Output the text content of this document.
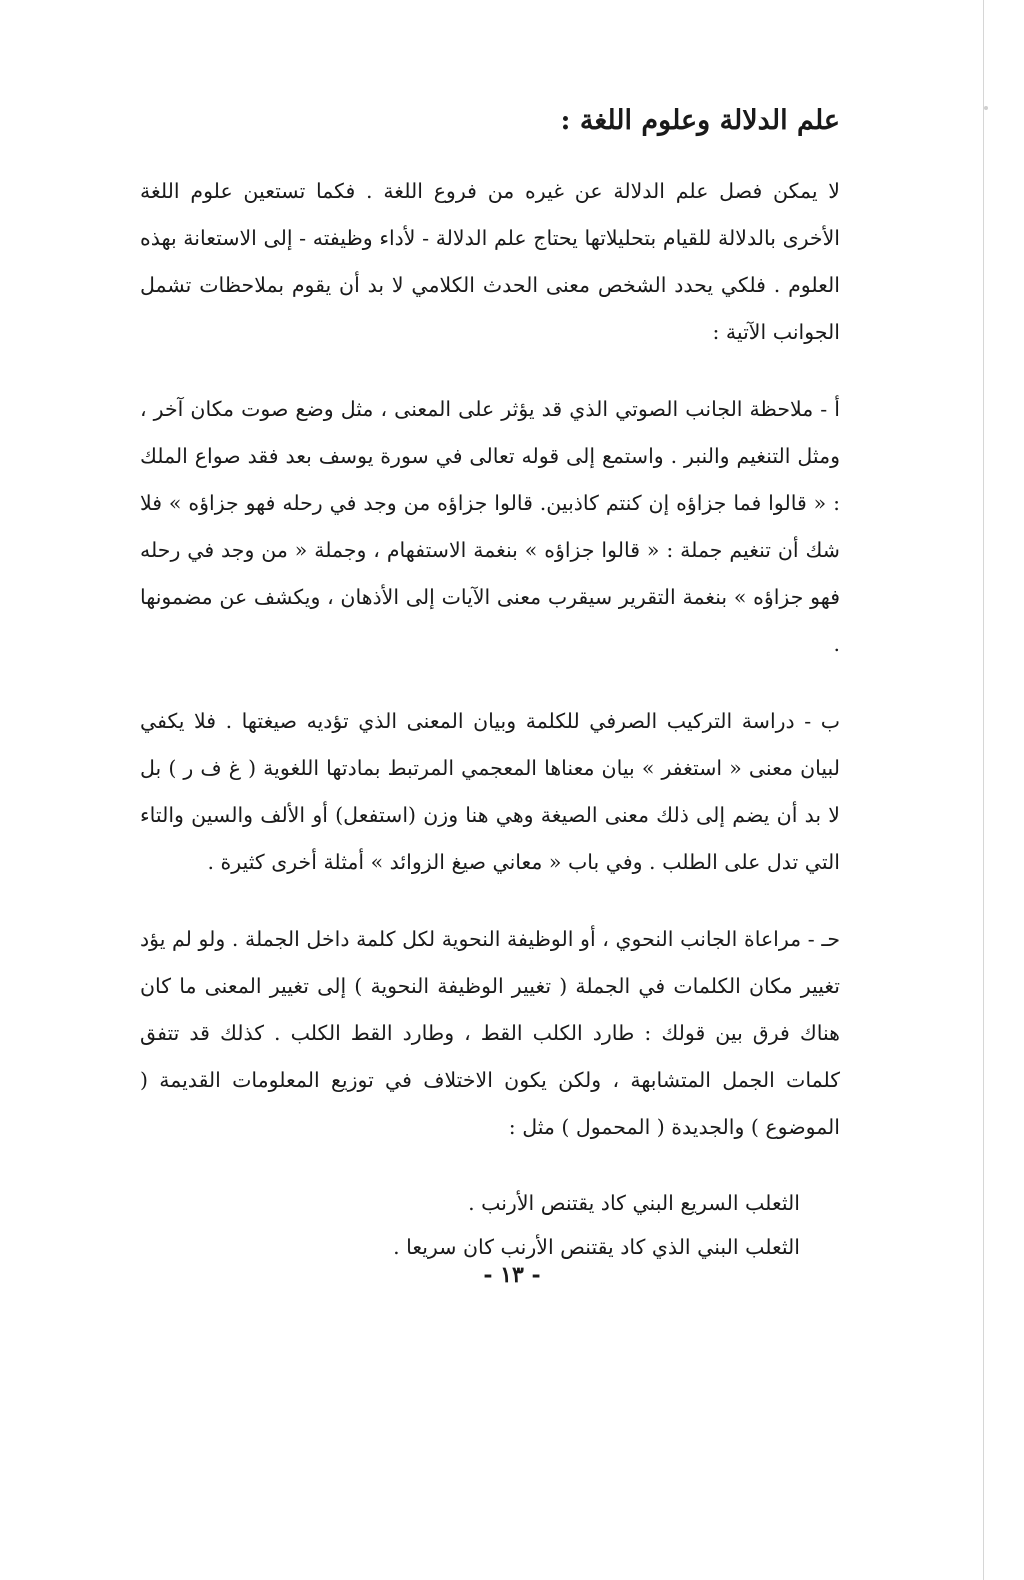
علم الدلالة وعلوم اللغة :

لا يمكن فصل علم الدلالة عن غيره من فروع اللغة . فكما تستعين علوم اللغة الأخرى بالدلالة للقيام بتحليلاتها يحتاج علم الدلالة - لأداء وظيفته - إلى الاستعانة بهذه العلوم . فلكي يحدد الشخص معنى الحدث الكلامي لا بد أن يقوم بملاحظات تشمل الجوانب الآتية :

أ - ملاحظة الجانب الصوتي الذي قد يؤثر على المعنى ، مثل وضع صوت مكان آخر ، ومثل التنغيم والنبر . واستمع إلى قوله تعالى في سورة يوسف بعد فقد صواع الملك : « قالوا فما جزاؤه إن كنتم كاذبين. قالوا جزاؤه من وجد في رحله فهو جزاؤه » فلا شك أن تنغيم جملة : « قالوا جزاؤه » بنغمة الاستفهام ، وجملة « من وجد في رحله فهو جزاؤه » بنغمة التقرير سيقرب معنى الآيات إلى الأذهان ، ويكشف عن مضمونها .

ب - دراسة التركيب الصرفي للكلمة وبيان المعنى الذي تؤديه صيغتها . فلا يكفي لبيان معنى « استغفر » بيان معناها المعجمي المرتبط بمادتها اللغوية ( غ ف ر ) بل لا بد أن يضم إلى ذلك معنى الصيغة وهي هنا وزن (استفعل) أو الألف والسين والتاء التي تدل على الطلب . وفي باب « معاني صيغ الزوائد » أمثلة أخرى كثيرة .

حـ - مراعاة الجانب النحوي ، أو الوظيفة النحوية لكل كلمة داخل الجملة . ولو لم يؤد تغيير مكان الكلمات في الجملة ( تغيير الوظيفة النحوية ) إلى تغيير المعنى ما كان هناك فرق بين قولك : طارد الكلب القط ، وطارد القط الكلب . كذلك قد تتفق كلمات الجمل المتشابهة ، ولكن يكون الاختلاف في توزيع المعلومات القديمة ( الموضوع ) والجديدة ( المحمول ) مثل :

الثعلب السريع البني كاد يقتنص الأرنب .

الثعلب البني الذي كاد يقتنص الأرنب كان سريعا .

- ١٣ -
